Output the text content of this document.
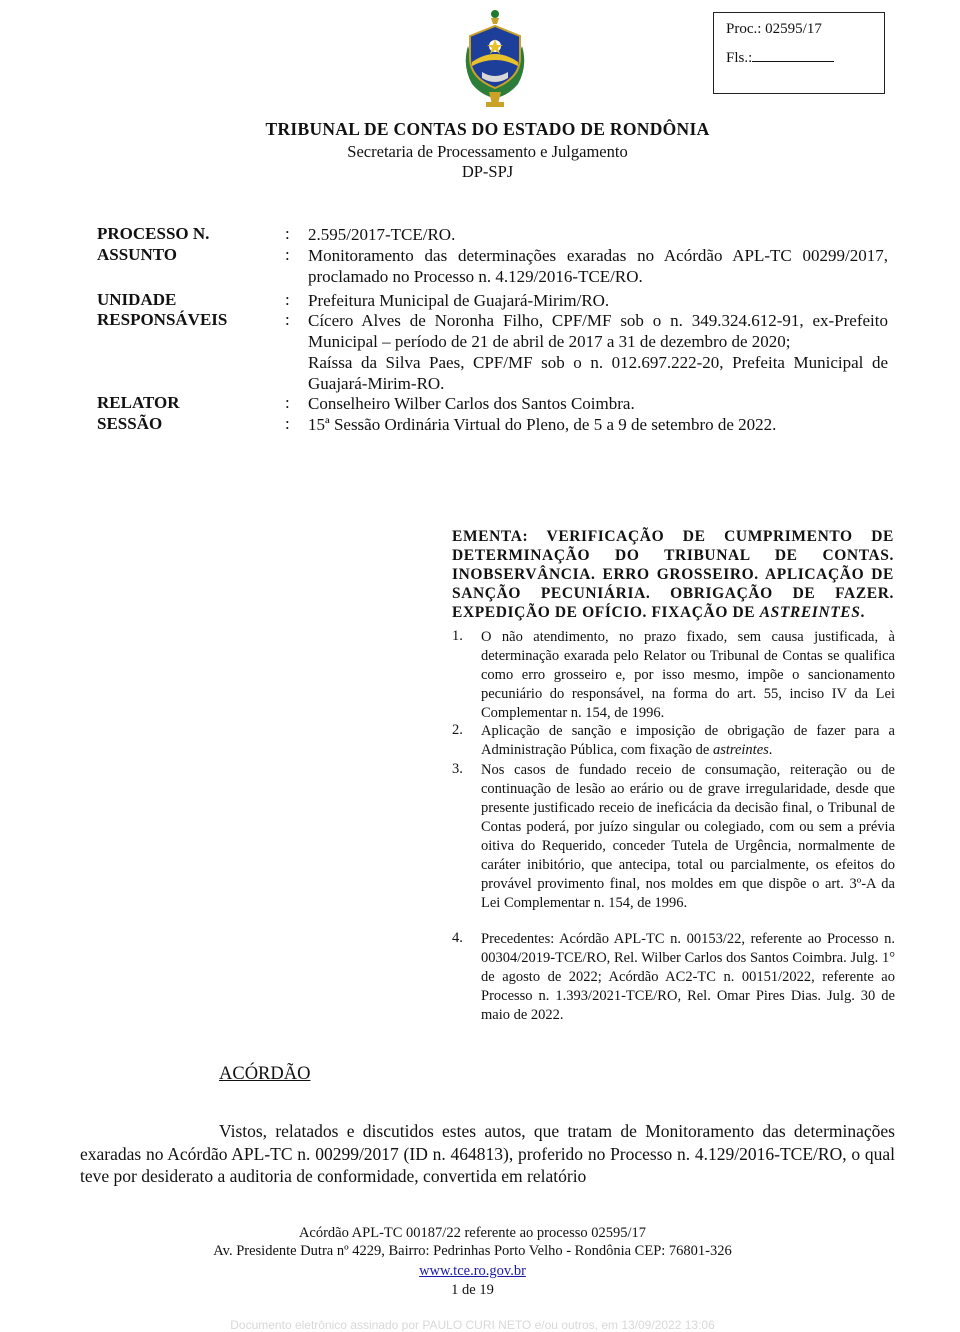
Proc.: 02595/17
Fls.:
TRIBUNAL DE CONTAS DO ESTADO DE RONDÔNIA
Secretaria de Processamento e Julgamento
DP-SPJ
PROCESSO N.	: 2.595/2017-TCE/RO.
ASSUNTO	: Monitoramento das determinações exaradas no Acórdão APL-TC 00299/2017, proclamado no Processo n. 4.129/2016-TCE/RO.
UNIDADE	: Prefeitura Municipal de Guajará-Mirim/RO.
RESPONSÁVEIS	: Cícero Alves de Noronha Filho, CPF/MF sob o n. 349.324.612-91, ex-Prefeito Municipal – período de 21 de abril de 2017 a 31 de dezembro de 2020;
Raíssa da Silva Paes, CPF/MF sob o n. 012.697.222-20, Prefeita Municipal de Guajará-Mirim-RO.
RELATOR	: Conselheiro Wilber Carlos dos Santos Coimbra.
SESSÃO	: 15ª Sessão Ordinária Virtual do Pleno, de 5 a 9 de setembro de 2022.
EMENTA: VERIFICAÇÃO DE CUMPRIMENTO DE DETERMINAÇÃO DO TRIBUNAL DE CONTAS. INOBSERVÂNCIA. ERRO GROSSEIRO. APLICAÇÃO DE SANÇÃO PECUNIÁRIA. OBRIGAÇÃO DE FAZER. EXPEDIÇÃO DE OFÍCIO. FIXAÇÃO DE ASTREINTES.
1. O não atendimento, no prazo fixado, sem causa justificada, à determinação exarada pelo Relator ou Tribunal de Contas se qualifica como erro grosseiro e, por isso mesmo, impõe o sancionamento pecuniário do responsável, na forma do art. 55, inciso IV da Lei Complementar n. 154, de 1996.
2. Aplicação de sanção e imposição de obrigação de fazer para a Administração Pública, com fixação de astreintes.
3. Nos casos de fundado receio de consumação, reiteração ou de continuação de lesão ao erário ou de grave irregularidade, desde que presente justificado receio de ineficácia da decisão final, o Tribunal de Contas poderá, por juízo singular ou colegiado, com ou sem a prévia oitiva do Requerido, conceder Tutela de Urgência, normalmente de caráter inibitório, que antecipa, total ou parcialmente, os efeitos do provável provimento final, nos moldes em que dispõe o art. 3º-A da Lei Complementar n. 154, de 1996.
4. Precedentes: Acórdão APL-TC n. 00153/22, referente ao Processo n. 00304/2019-TCE/RO, Rel. Wilber Carlos dos Santos Coimbra. Julg. 1° de agosto de 2022; Acórdão AC2-TC n. 00151/2022, referente ao Processo n. 1.393/2021-TCE/RO, Rel. Omar Pires Dias. Julg. 30 de maio de 2022.
ACÓRDÃO
Vistos, relatados e discutidos estes autos, que tratam de Monitoramento das determinações exaradas no Acórdão APL-TC n. 00299/2017 (ID n. 464813), proferido no Processo n. 4.129/2016-TCE/RO, o qual teve por desiderato a auditoria de conformidade, convertida em relatório
Acórdão APL-TC 00187/22 referente ao processo 02595/17
Av. Presidente Dutra nº 4229, Bairro: Pedrinhas Porto Velho - Rondônia CEP: 76801-326
www.tce.ro.gov.br
1 de 19
Documento eletrônico assinado por PAULO CURI NETO e/ou outros, em 13/09/2022 13:06
